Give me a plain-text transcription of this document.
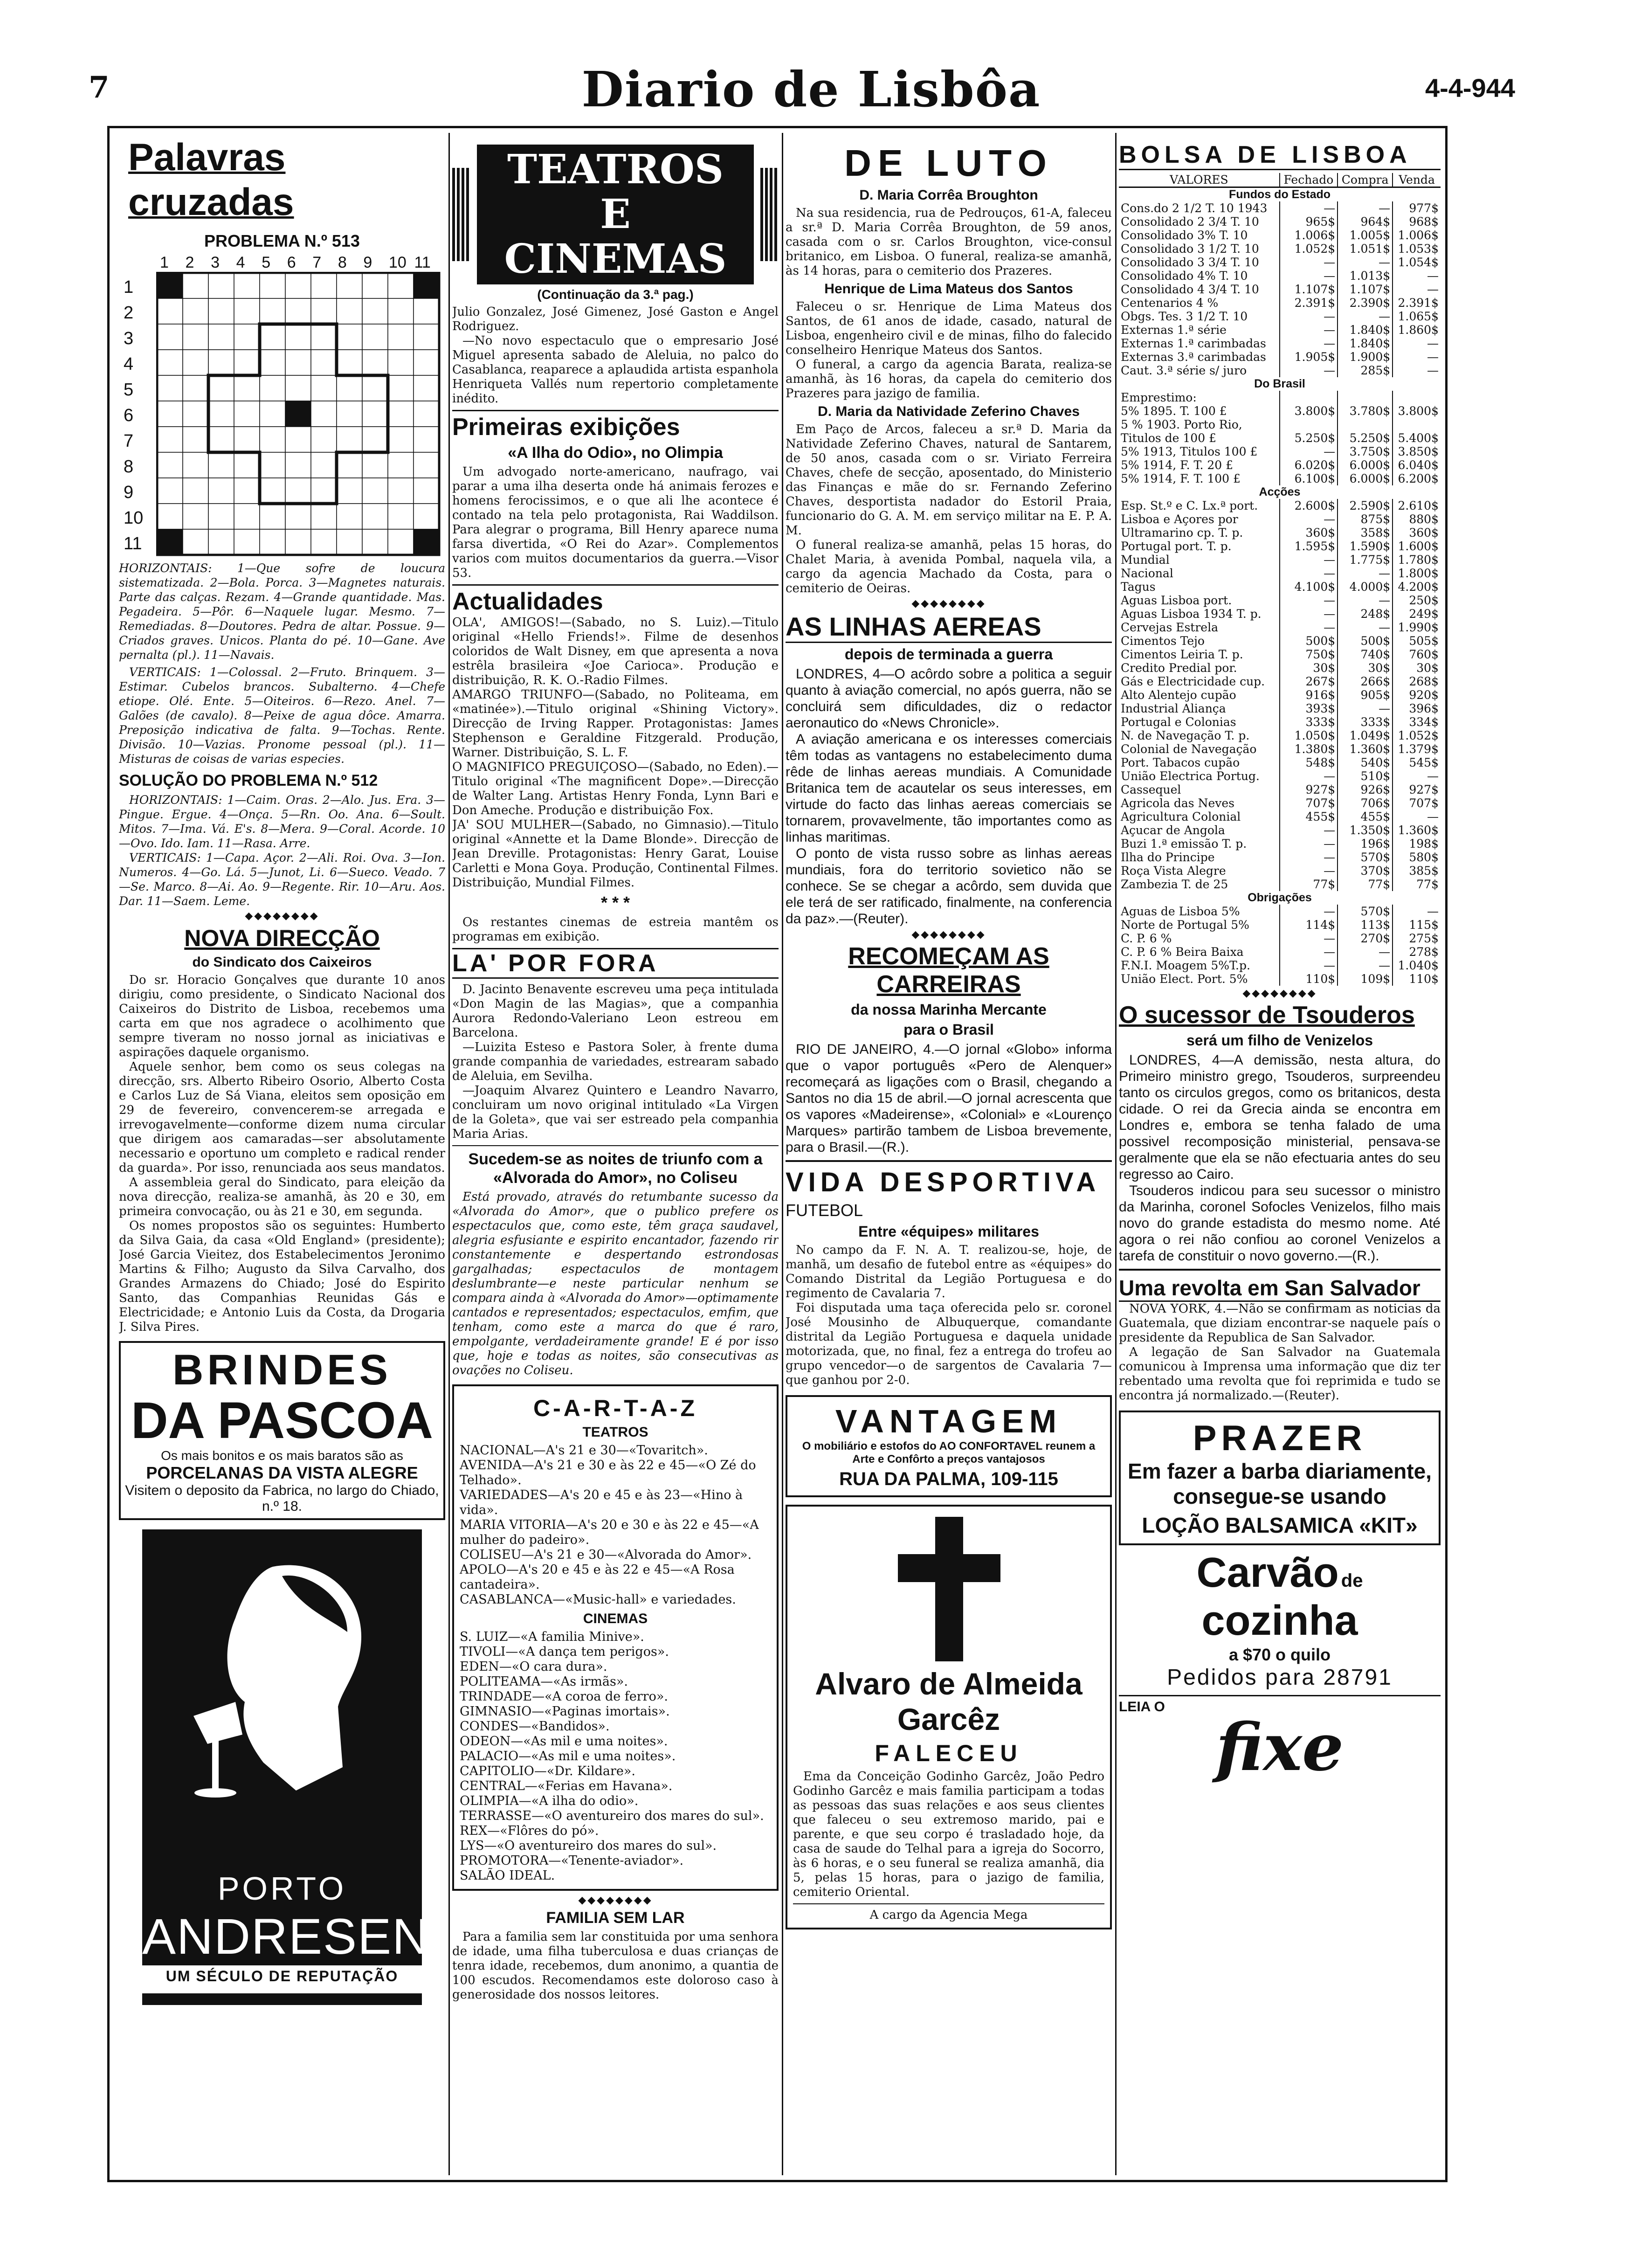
7	Diario de Lisbôa	4-4-944
Palavras cruzadas
PROBLEMA N.º 513
1	2	3	4	5	6	7	8	9	10 11
1
2
3
4
5
6
7
8
9
10
11

HORIZONTAIS: 1—Que sofre de loucura sistematizada. 2—Bola. Porca. 3—Magnetes naturais. Parte das calças. Rezam. 4—Grande quantidade. Mas. Pegadeira. 5—Pôr. 6—Naquele lugar. Mesmo. 7—Remediadas. 8—Doutores. Pedra de altar. Possue. 9—Criados graves. Unicos. Planta do pé. 10—Gane. Ave pernalta (pl.). 11—Navais.

VERTICAIS: 1—Colossal. 2—Fruto. Brinquem. 3—Estimar. Cubelos brancos. Subalterno. 4—Chefe etiope. Olé. Ente. 5—Oiteiros. 6—Rezo. Anel. 7—Galões (de cavalo). 8—Peixe de agua dôce. Amarra. Preposição indicativa de falta. 9—Tochas. Rente. Divisão. 10—Vazias. Pronome pessoal (pl.). 11—Misturas de coisas de varias especies.

SOLUÇÃO DO PROBLEMA N.º 512

HORIZONTAIS: 1—Caim. Oras. 2—Alo. Jus. Era. 3—Pingue. Ergue. 4—Onça. 5—Rn. Oo. Ana. 6—Soult. Mitos. 7—Ima. Vá. E's. 8—Mera. 9—Coral. Acorde. 10—Ovo. Ido. Iam. 11—Rasa. Arre.

VERTICAIS: 1—Capa. Açor. 2—Ali. Roi. Ova. 3—Ion. Numeros. 4—Go. Lá. 5—Junot, Li. 6—Sueco. Veado. 7—Se. Marco. 8—Ai. Ao. 9—Regente. Rir. 10—Aru. Aos. Dar. 11—Saem. Leme.

◆◆◆◆◆◆◆◆
NOVA DIRECÇÃO
do Sindicato dos Caixeiros

Do sr. Horacio Gonçalves que durante 10 anos dirigiu, como presidente, o Sindicato Nacional dos Caixeiros do Distrito de Lisboa, recebemos uma carta em que nos agradece o acolhimento que sempre tiveram no nosso jornal as iniciativas e aspirações daquele organismo.

Aquele senhor, bem como os seus colegas na direcção, srs. Alberto Ribeiro Osorio, Alberto Costa e Carlos Luz de Sá Viana, eleitos sem oposição em 29 de fevereiro, convencerem-se arregada e irrevogavelmente—conforme dizem numa circular que dirigem aos camaradas—ser absolutamente necessario e oportuno um completo e radical render da guarda». Por isso, renunciada aos seus mandatos.

A assembleia geral do Sindicato, para eleição da nova direcção, realiza-se amanhã, às 20 e 30, em primeira convocação, ou às 21 e 30, em segunda.

Os nomes propostos são os seguintes: Humberto da Silva Gaia, da casa «Old England» (presidente); José Garcia Vieitez, dos Estabelecimentos Jeronimo Martins & Filho; Augusto da Silva Carvalho, dos Grandes Armazens do Chiado; José do Espirito Santo, das Companhias Reunidas Gás e Electricidade; e Antonio Luis da Costa, da Drogaria J. Silva Pires.

BRINDES
DA PASCOA
Os mais bonitos e os mais baratos são as
PORCELANAS DA VISTA ALEGRE
Visitem o deposito da Fabrica, no largo do Chiado, n.º 18.
PORTO
ANDRESEN
UM SÉCULO DE REPUTAÇÃO
TEATROS
E CINEMAS
(Continuação da 3.ª pag.)

Julio Gonzalez, José Gimenez, José Gaston e Angel Rodriguez.

—No novo espectaculo que o empresario José Miguel apresenta sabado de Aleluia, no palco do Casablanca, reaparece a aplaudida artista espanhola Henriqueta Vallés num repertorio completamente inédito.

Primeiras exibições
«A Ilha do Odio», no Olimpia

Um advogado norte-americano, naufrago, vai parar a uma ilha deserta onde há animais ferozes e homens ferocissimos, e o que ali lhe acontece é contado na tela pelo protagonista, Rai Waddilson. Para alegrar o programa, Bill Henry aparece numa farsa divertida, «O Rei do Azar». Complementos varios com muitos documentarios da guerra.—Visor 53.

Actualidades

OLA', AMIGOS!—(Sabado, no S. Luiz).—Titulo original «Hello Friends!». Filme de desenhos coloridos de Walt Disney, em que apresenta a nova estrêla brasileira «Joe Carioca». Produção e distribuição, R. K. O.-Radio Filmes.

AMARGO TRIUNFO—(Sabado, no Politeama, em «matinée»).—Titulo original «Shining Victory». Direcção de Irving Rapper. Protagonistas: James Stephenson e Geraldine Fitzgerald. Produção, Warner. Distribuição, S. L. F.

O MAGNIFICO PREGUIÇOSO—(Sabado, no Eden).—Titulo original «The magnificent Dope».—Direcção de Walter Lang. Artistas Henry Fonda, Lynn Bari e Don Ameche. Produção e distribuição Fox.

JA' SOU MULHER—(Sabado, no Gimnasio).—Titulo original «Annette et la Dame Blonde». Direcção de Jean Dreville. Protagonistas: Henry Garat, Louise Carletti e Mona Goya. Produção, Continental Filmes. Distribuição, Mundial Filmes.

* * *

Os restantes cinemas de estreia mantêm os programas em exibição.

LA' POR FORA

D. Jacinto Benavente escreveu uma peça intitulada «Don Magin de las Magias», que a companhia Aurora Redondo-Valeriano Leon estreou em Barcelona.

—Luizita Esteso e Pastora Soler, à frente duma grande companhia de variedades, estrearam sabado de Aleluia, em Sevilha.

—Joaquim Alvarez Quintero e Leandro Navarro, concluiram um novo original intitulado «La Virgen de la Goleta», que vai ser estreado pela companhia Maria Arias.

Sucedem-se as noites de triunfo com a «Alvorada do Amor», no Coliseu

Está provado, através do retumbante sucesso da «Alvorada do Amor», que o publico prefere os espectaculos que, como este, têm graça saudavel, alegria esfusiante e espirito encantador, fazendo rir constantemente e despertando estrondosas gargalhadas; espectaculos de montagem deslumbrante—e neste particular nenhum se compara ainda à «Alvorada do Amor»—optimamente cantados e representados; espectaculos, emfim, que tenham, como este a marca do que é raro, empolgante, verdadeiramente grande! E é por isso que, hoje e todas as noites, são consecutivas as ovações no Coliseu.

C-A-R-T-A-Z
TEATROS

NACIONAL—A's 21 e 30—«Tovaritch».

AVENIDA—A's 21 e 30 e às 22 e 45—«O Zé do Telhado».

VARIEDADES—A's 20 e 45 e às 23—«Hino à vida».

MARIA VITORIA—A's 20 e 30 e às 22 e 45—«A mulher do padeiro».

COLISEU—A's 21 e 30—«Alvorada do Amor».

APOLO—A's 20 e 45 e às 22 e 45—«A Rosa cantadeira».

CASABLANCA—«Music-hall» e variedades.

CINEMAS

S. LUIZ—«A familia Minive».

TIVOLI—«A dança tem perigos».

EDEN—«O cara dura».

POLITEAMA—«As irmãs».

TRINDADE—«A coroa de ferro».

GIMNASIO—«Paginas imortais».

CONDES—«Bandidos».

ODEON—«As mil e uma noites».

PALACIO—«As mil e uma noites».

CAPITOLIO—«Dr. Kildare».

CENTRAL—«Ferias em Havana».

OLIMPIA—«A ilha do odio».

TERRASSE—«O aventureiro dos mares do sul».

REX—«Flôres do pó».

LYS—«O aventureiro dos mares do sul».

PROMOTORA—«Tenente-aviador».

SALÃO IDEAL.

◆◆◆◆◆◆◆◆
FAMILIA SEM LAR

Para a familia sem lar constituida por uma senhora de idade, uma filha tuberculosa e duas crianças de tenra idade, recebemos, dum anonimo, a quantia de 100 escudos. Recomendamos este doloroso caso à generosidade dos nossos leitores.

DE LUTO
D. Maria Corrêa Broughton

Na sua residencia, rua de Pedrouços, 61-A, faleceu a sr.ª D. Maria Corrêa Broughton, de 59 anos, casada com o sr. Carlos Broughton, vice-consul britanico, em Lisboa. O funeral, realiza-se amanhã, às 14 horas, para o cemiterio dos Prazeres.

Henrique de Lima Mateus dos Santos

Faleceu o sr. Henrique de Lima Mateus dos Santos, de 61 anos de idade, casado, natural de Lisboa, engenheiro civil e de minas, filho do falecido conselheiro Henrique Mateus dos Santos.

O funeral, a cargo da agencia Barata, realiza-se amanhã, às 16 horas, da capela do cemiterio dos Prazeres para jazigo de familia.

D. Maria da Natividade Zeferino Chaves

Em Paço de Arcos, faleceu a sr.ª D. Maria da Natividade Zeferino Chaves, natural de Santarem, de 50 anos, casada com o sr. Viriato Ferreira Chaves, chefe de secção, aposentado, do Ministerio das Finanças e mãe do sr. Fernando Zeferino Chaves, desportista nadador do Estoril Praia, funcionario do G. A. M. em serviço militar na E. P. A. M.

O funeral realiza-se amanhã, pelas 15 horas, do Chalet Maria, à avenida Pombal, naquela vila, a cargo da agencia Machado da Costa, para o cemiterio de Oeiras.

◆◆◆◆◆◆◆◆
AS LINHAS AEREAS
depois de terminada a guerra

LONDRES, 4—O acôrdo sobre a politica a seguir quanto à aviação comercial, no após guerra, não se concluirá sem dificuldades, diz o redactor aeronautico do «News Chronicle».

A aviação americana e os interesses comerciais têm todas as vantagens no estabelecimento duma rêde de linhas aereas mundiais. A Comunidade Britanica tem de acautelar os seus interesses, em virtude do facto das linhas aereas comerciais se tornarem, provavelmente, tão importantes como as linhas maritimas.

O ponto de vista russo sobre as linhas aereas mundiais, fora do territorio sovietico não se conhece. Se se chegar a acôrdo, sem duvida que ele terá de ser ratificado, finalmente, na conferencia da paz».—(Reuter).

◆◆◆◆◆◆◆◆
RECOMEÇAM AS CARREIRAS
da nossa Marinha Mercante
para o Brasil

RIO DE JANEIRO, 4.—O jornal «Globo» informa que o vapor português «Pero de Alenquer» recomeçará as ligações com o Brasil, chegando a Santos no dia 15 de abril.—O jornal acrescenta que os vapores «Madeirense», «Colonial» e «Lourenço Marques» partirão tambem de Lisboa brevemente, para o Brasil.—(R.).

VIDA DESPORTIVA
FUTEBOL
Entre «équipes» militares

No campo da F. N. A. T. realizou-se, hoje, de manhã, um desafio de futebol entre as «équipes» do Comando Distrital da Legião Portuguesa e do regimento de Cavalaria 7.

Foi disputada uma taça oferecida pelo sr. coronel José Mousinho de Albuquerque, comandante distrital da Legião Portuguesa e daquela unidade motorizada, que, no final, fez a entrega do trofeu ao grupo vencedor—o de sargentos de Cavalaria 7—que ganhou por 2-0.

VANTAGEM
O mobiliário e estofos do AO CONFORTAVEL reunem a Arte e Confôrto a preços vantajosos
RUA DA PALMA, 109-115
Alvaro de Almeida Garcêz
FALECEU

Ema da Conceição Godinho Garcêz, João Pedro Godinho Garcêz e mais familia participam a todas as pessoas das suas relações e aos seus clientes que faleceu o seu extremoso marido, pai e parente, e que seu corpo é trasladado hoje, da casa de saude do Telhal para a igreja do Socorro, às 6 horas, e o seu funeral se realiza amanhã, dia 5, pelas 15 horas, para o jazigo de familia, cemiterio Oriental.

A cargo da Agencia Mega
BOLSA DE LISBOA
VALORES	Fechado	Compra	Venda
Fundos do Estado			
Cons.do 2 1/2 T. 10 1943	—	—	977$
Consolidado 2 3/4 T. 10	965$	964$	968$
Consolidado 3% T. 10	1.006$	1.005$	1.006$
Consolidado 3 1/2 T. 10	1.052$	1.051$	1.053$
Consolidado 3 3/4 T. 10	—	—	1.054$
Consolidado 4% T. 10	—	1.013$	—
Consolidado 4 3/4 T. 10	1.107$	1.107$	—
Centenarios 4 %	2.391$	2.390$	2.391$
Obgs. Tes. 3 1/2 T. 10	—	—	1.065$
Externas 1.ª série	—	1.840$	1.860$
Externas 1.ª carimbadas	—	1.840$	—
Externas 3.ª carimbadas	1.905$	1.900$	—
Caut. 3.ª série s/ juro	—	285$	—
Do Brasil			
Emprestimo:			
5% 1895. T. 100 £	3.800$	3.780$	3.800$
5 % 1903. Porto Rio,			
Titulos de 100 £	5.250$	5.250$	5.400$
5% 1913, Titulos 100 £	—	3.750$	3.850$
5% 1914, F. T. 20 £	6.020$	6.000$	6.040$
5% 1914, F. T. 100 £	6.100$	6.000$	6.200$
Acções			
Esp. St.º e C. Lx.ª port.	2.600$	2.590$	2.610$
Lisboa e Açores por	—	875$	880$
Ultramarino cp. T. p.	360$	358$	360$
Portugal port. T. p.	1.595$	1.590$	1.600$
Mundial	—	1.775$	1.780$
Nacional	—	—	1.800$
Tagus	4.100$	4.000$	4.200$
Aguas Lisboa port.	—	—	250$
Aguas Lisboa 1934 T. p.	—	248$	249$
Cervejas Estrela	—	—	1.990$
Cimentos Tejo	500$	500$	505$
Cimentos Leiria T. p.	750$	740$	760$
Credito Predial por.	30$	30$	30$
Gás e Electricidade cup.	267$	266$	268$
Alto Alentejo cupão	916$	905$	920$
Industrial Aliança	393$	—	396$
Portugal e Colonias	333$	333$	334$
N. de Navegação T. p.	1.050$	1.049$	1.052$
Colonial de Navegação	1.380$	1.360$	1.379$
Port. Tabacos cupão	548$	540$	545$
União Electrica Portug.	—	510$	—
Cassequel	927$	926$	927$
Agricola das Neves	707$	706$	707$
Agricultura Colonial	455$	455$	—
Açucar de Angola	—	1.350$	1.360$
Buzi 1.ª emissão T. p.	—	196$	198$
Ilha do Principe	—	570$	580$
Roça Vista Alegre	—	370$	385$
Zambezia T. de 25	77$	77$	77$
Obrigações			
Aguas de Lisboa 5%	—	570$	—
Norte de Portugal 5%	114$	113$	115$
C. P. 6 %	—	270$	275$
C. P. 6 % Beira Baixa	—	—	278$
F.N.I. Moagem 5%T.p.	—	—	1.040$
União Elect. Port. 5%	110$	109$	110$
◆◆◆◆◆◆◆◆
O sucessor de Tsouderos
será um filho de Venizelos

LONDRES, 4—A demissão, nesta altura, do Primeiro ministro grego, Tsouderos, surpreendeu tanto os circulos gregos, como os britanicos, desta cidade. O rei da Grecia ainda se encontra em Londres e, embora se tenha falado de uma possivel recomposição ministerial, pensava-se geralmente que ela se não efectuaria antes do seu regresso ao Cairo.

Tsouderos indicou para seu sucessor o ministro da Marinha, coronel Sofocles Venizelos, filho mais novo do grande estadista do mesmo nome. Até agora o rei não confiou ao coronel Venizelos a tarefa de constituir o novo governo.—(R.).

Uma revolta em San Salvador

NOVA YORK, 4.—Não se confirmam as noticias da Guatemala, que diziam encontrar-se naquele país o presidente da Republica de San Salvador.

A legação de San Salvador na Guatemala comunicou à Imprensa uma informação que diz ter rebentado uma revolta que foi reprimida e tudo se encontra já normalizado.—(Reuter).

PRAZER
Em fazer a barba diariamente, consegue-se usando
LOÇÃO BALSAMICA «KIT»
Carvão de cozinha
a $70 o quilo
Pedidos para 28791
LEIA O
fixe
